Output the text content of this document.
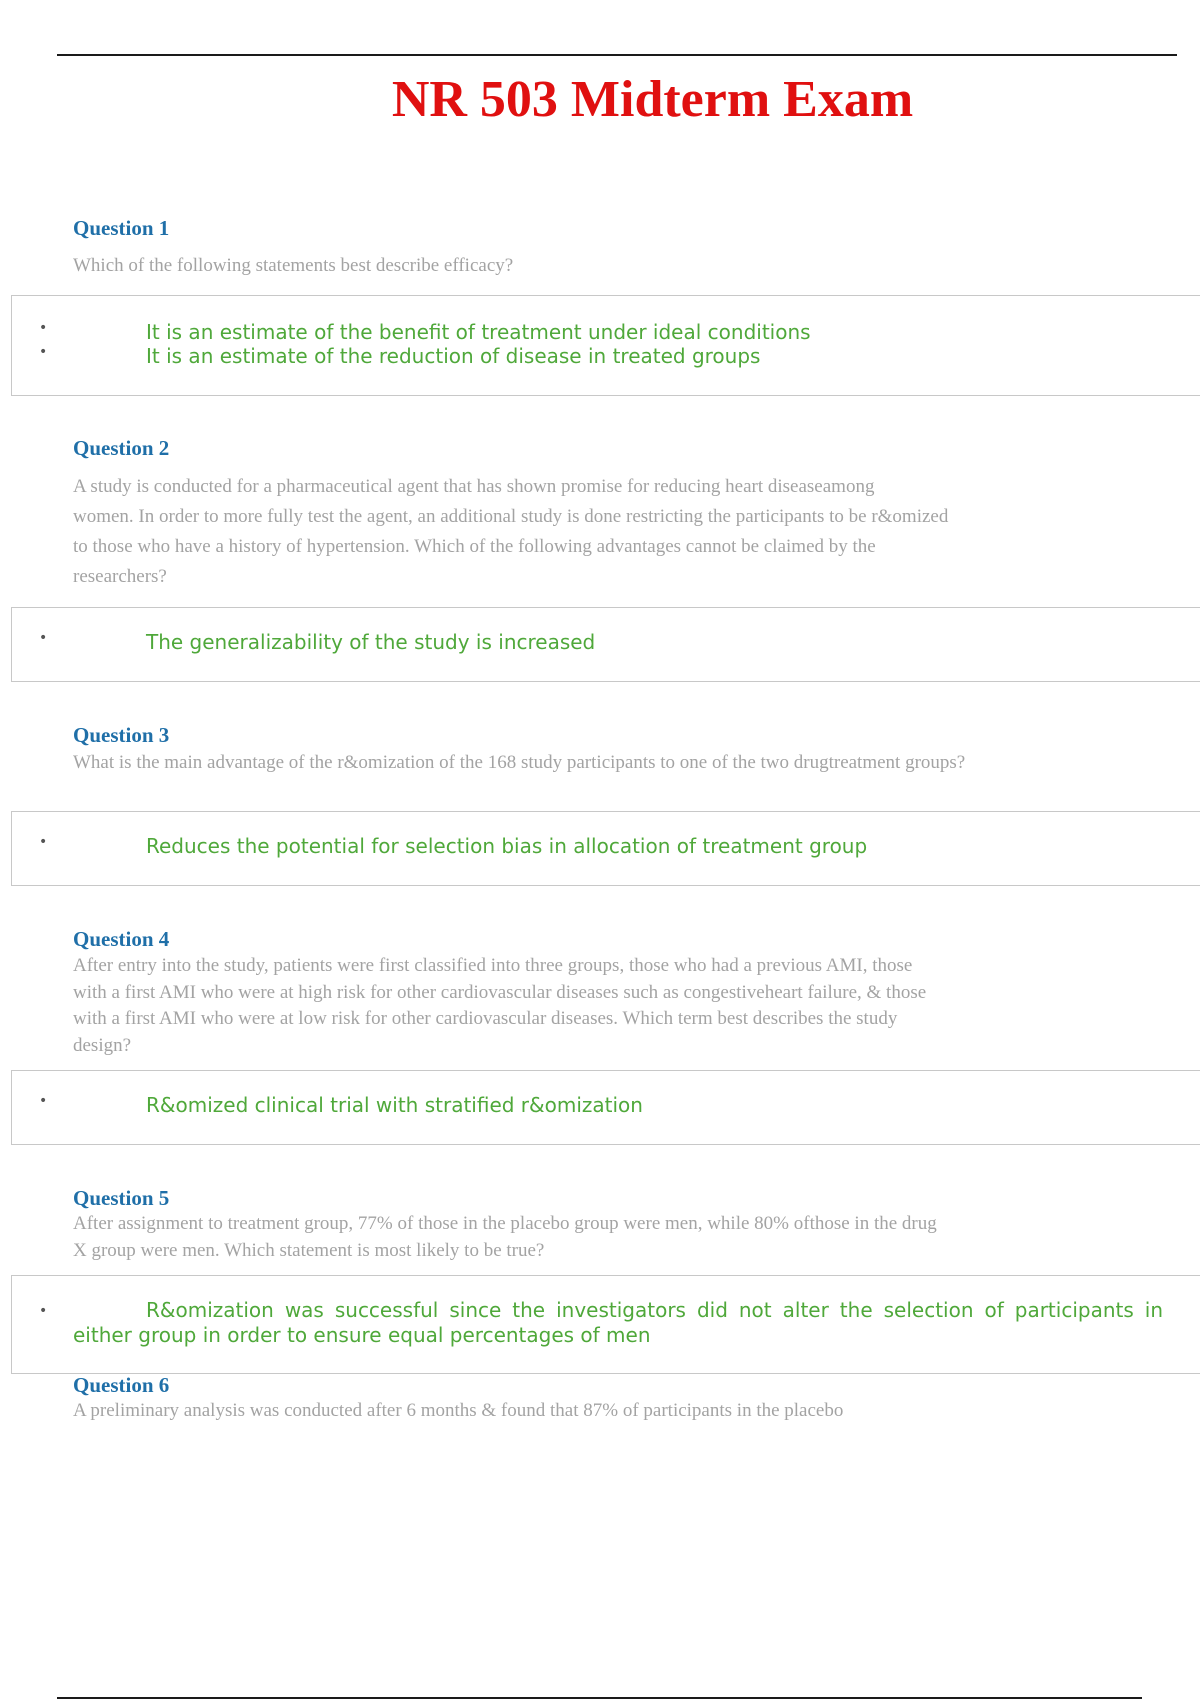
NR 503 Midterm Exam
Question 1

Which of the following statements best describe efficacy?

•	It is an estimate of the benefit of treatment under ideal conditions
•	It is an estimate of the reduction of disease in treated groups
Question 2

A study is conducted for a pharmaceutical agent that has shown promise for reducing heart diseaseamong

women. In order to more fully test the agent, an additional study is done restricting the participants to be r&omized

to those who have a history of hypertension. Which of the following advantages cannot be claimed by the

researchers?

•	The generalizability of the study is increased
Question 3

What is the main advantage of the r&omization of the 168 study participants to one of the two drugtreatment groups?

•	Reduces the potential for selection bias in allocation of treatment group
Question 4

After entry into the study, patients were first classified into three groups, those who had a previous AMI, those

with a first AMI who were at high risk for other cardiovascular diseases such as congestiveheart failure, & those

with a first AMI who were at low risk for other cardiovascular diseases. Which term best describes the study

design?

•	R&omized clinical trial with stratified r&omization
Question 5

After assignment to treatment group, 77% of those in the placebo group were men, while 80% ofthose in the drug

X group were men. Which statement is most likely to be true?

•	R&omization was successful since the investigators did not alter the selection of participants in either group in order to ensure equal percentages of men
Question 6

A preliminary analysis was conducted after 6 months & found that 87% of participants in the placebo
